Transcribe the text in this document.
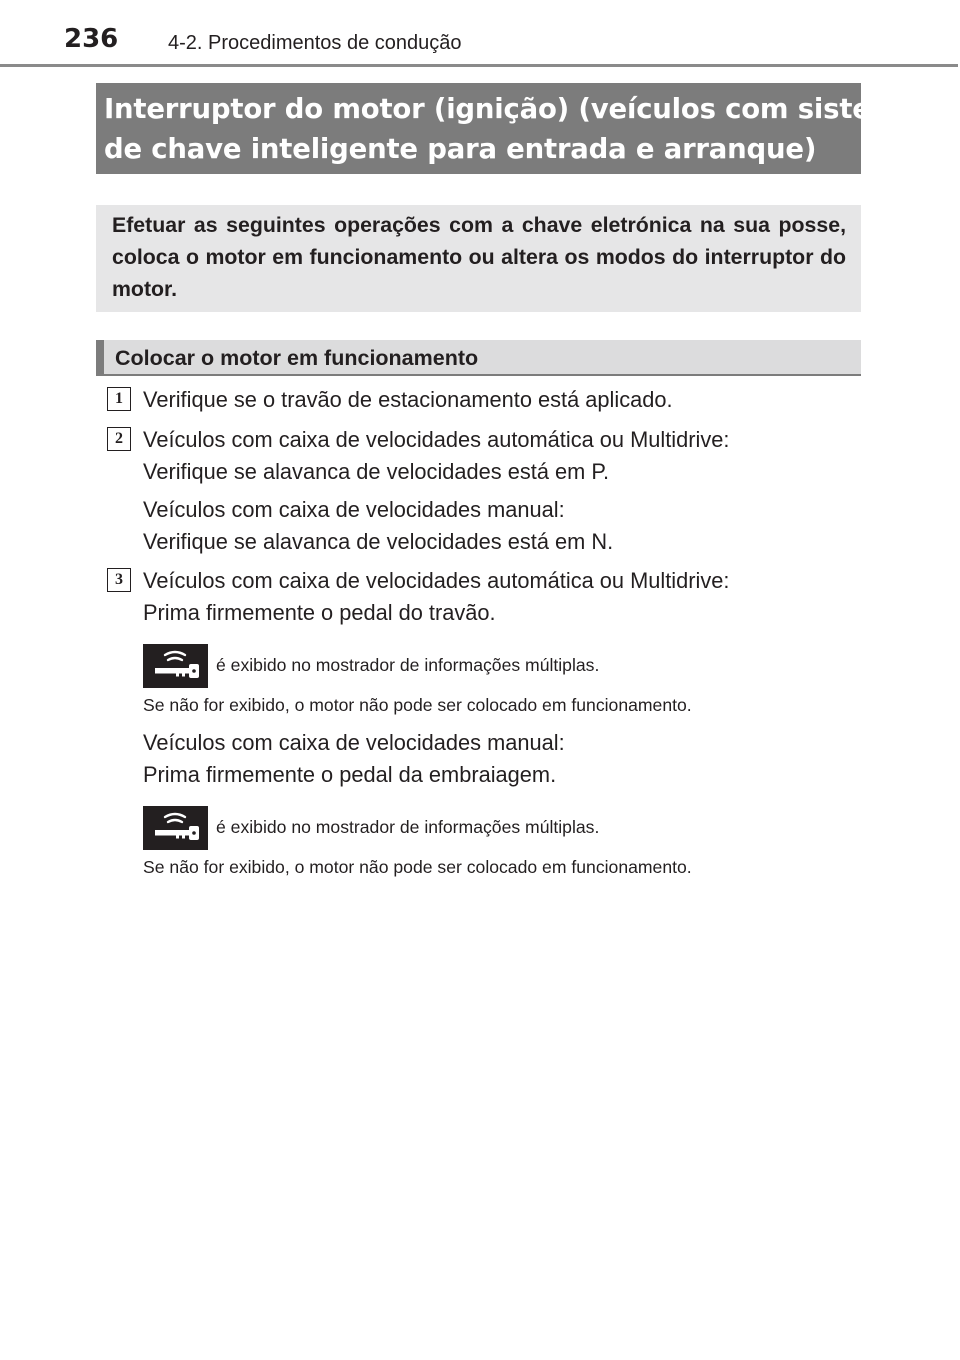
236 4-2. Procedimentos de condução
Interruptor do motor (ignição) (veículos com sistema
de chave inteligente para entrada e arranque)

Efetuar as seguintes operações com a chave eletrónica na sua posse, coloca o motor em funcionamento ou altera os modos do interruptor do motor.

Colocar o motor em funcionamento
1 Verifique se o travão de estacionamento está aplicado.
2 Veículos com caixa de velocidades automática ou Multidrive:
Verifique se alavanca de velocidades está em P.
Veículos com caixa de velocidades manual:
Verifique se alavanca de velocidades está em N.
3 Veículos com caixa de velocidades automática ou Multidrive:
Prima firmemente o pedal do travão.
é exibido no mostrador de informações múltiplas.
Se não for exibido, o motor não pode ser colocado em funcionamento.
Veículos com caixa de velocidades manual:
Prima firmemente o pedal da embraiagem.
é exibido no mostrador de informações múltiplas.
Se não for exibido, o motor não pode ser colocado em funcionamento.
